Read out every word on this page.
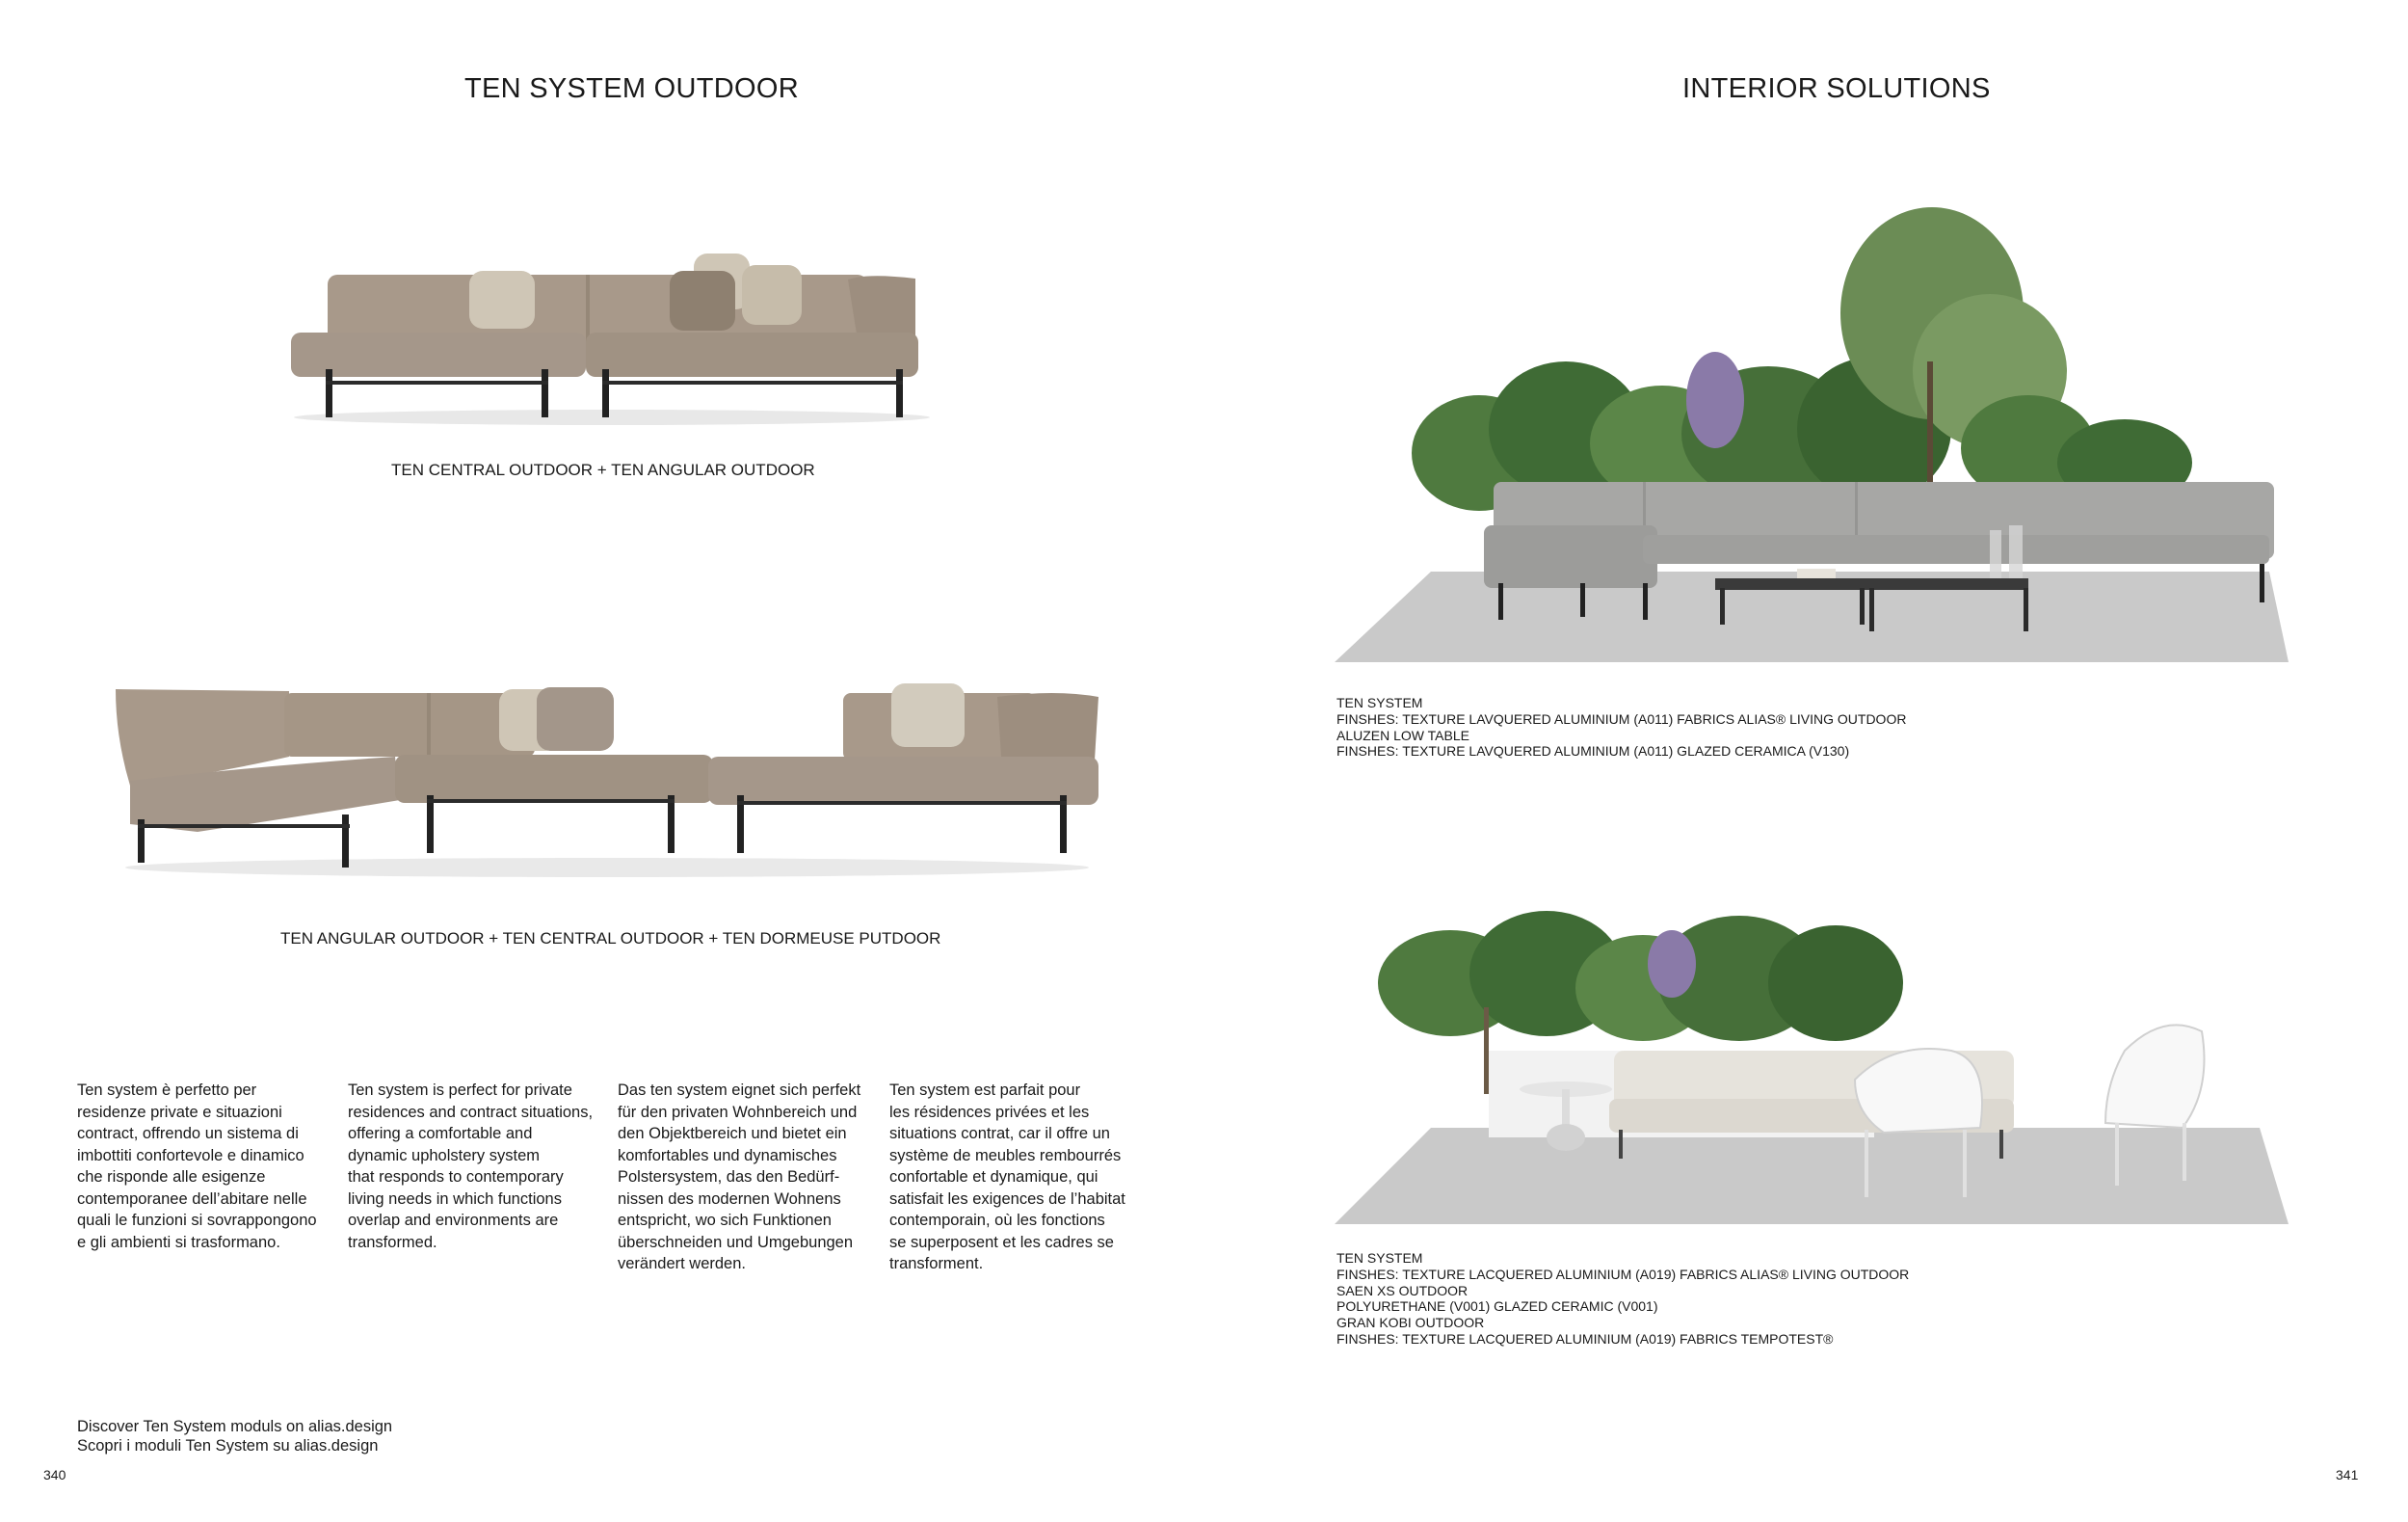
TEN SYSTEM OUTDOOR
TEN CENTRAL OUTDOOR + TEN ANGULAR OUTDOOR
TEN ANGULAR OUTDOOR + TEN CENTRAL OUTDOOR + TEN DORMEUSE PUTDOOR
Ten system è perfetto per
residenze private e situazioni
contract, offrendo un sistema di
imbottiti confortevole e dinamico
che risponde alle esigenze
contemporanee dell’abitare nelle
quali le funzioni si sovrappongono
e gli ambienti si trasformano.
Ten system is perfect for private
residences and contract situations,
offering a comfortable and
dynamic upholstery system
that responds to contemporary
living needs in which functions
overlap and environments are
transformed.
Das ten system eignet sich perfekt
für den privaten Wohnbereich und
den Objektbereich und bietet ein
komfortables und dynamisches
Polstersystem, das den Bedürf-
nissen des modernen Wohnens
entspricht, wo sich Funktionen
überschneiden und Umgebungen
verändert werden.
Ten system est parfait pour
les résidences privées et les
situations contrat, car il offre un
système de meubles rembourrés
confortable et dynamique, qui
satisfait les exigences de l’habitat
contemporain, où les fonctions
se superposent et les cadres se
transforment.
Discover Ten System moduls on alias.design
Scopri i moduli Ten System su alias.design
340
INTERIOR SOLUTIONS
TEN SYSTEM
FINSHES: TEXTURE LAVQUERED ALUMINIUM (A011) FABRICS ALIAS® LIVING OUTDOOR
ALUZEN LOW TABLE
FINSHES: TEXTURE LAVQUERED ALUMINIUM (A011) GLAZED CERAMICA (V130)
TEN SYSTEM
FINSHES: TEXTURE LACQUERED ALUMINIUM (A019) FABRICS ALIAS® LIVING OUTDOOR
SAEN XS OUTDOOR
POLYURETHANE (V001) GLAZED CERAMIC (V001)
GRAN KOBI OUTDOOR
FINSHES: TEXTURE LACQUERED ALUMINIUM (A019) FABRICS TEMPOTEST®
341
